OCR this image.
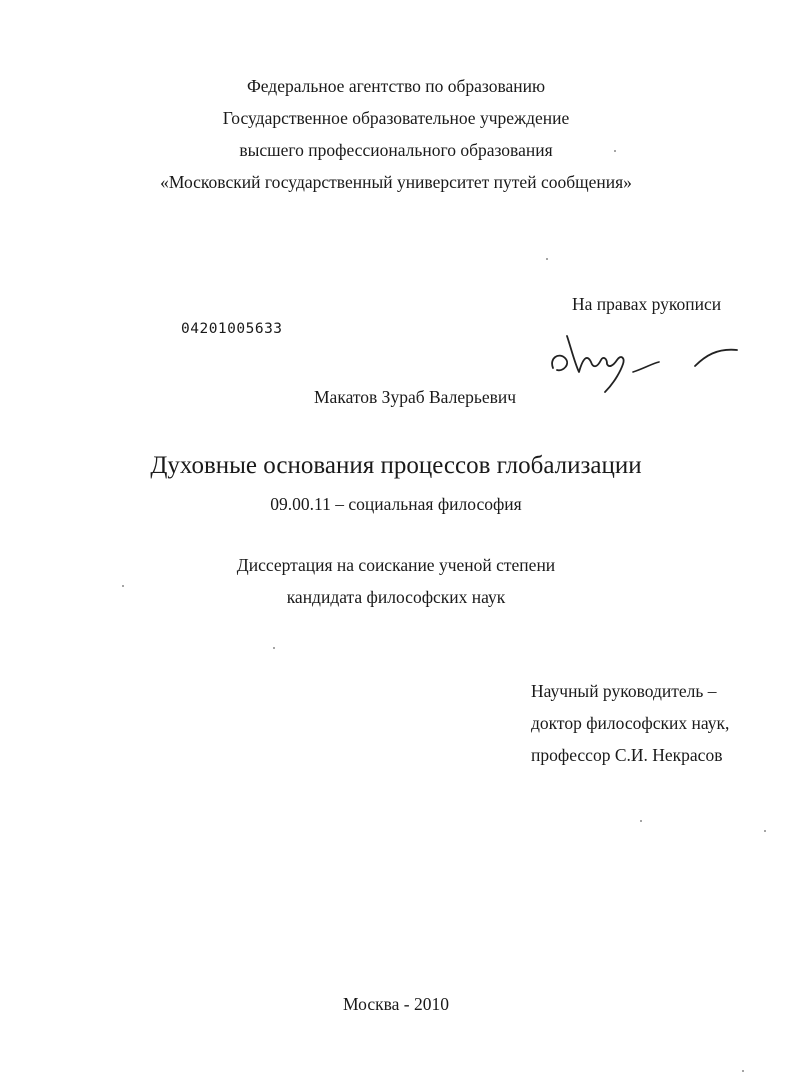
Федеральное агентство по образованию
Государственное образовательное учреждение
высшего профессионального образования
«Московский государственный университет путей сообщения»
На правах рукописи
04201005633
Макатов Зураб Валерьевич
Духовные основания процессов глобализации
09.00.11 – социальная философия
Диссертация на соискание ученой степени
кандидата философских наук
Научный руководитель –
доктор философских наук,
профессор С.И. Некрасов
Москва - 2010
